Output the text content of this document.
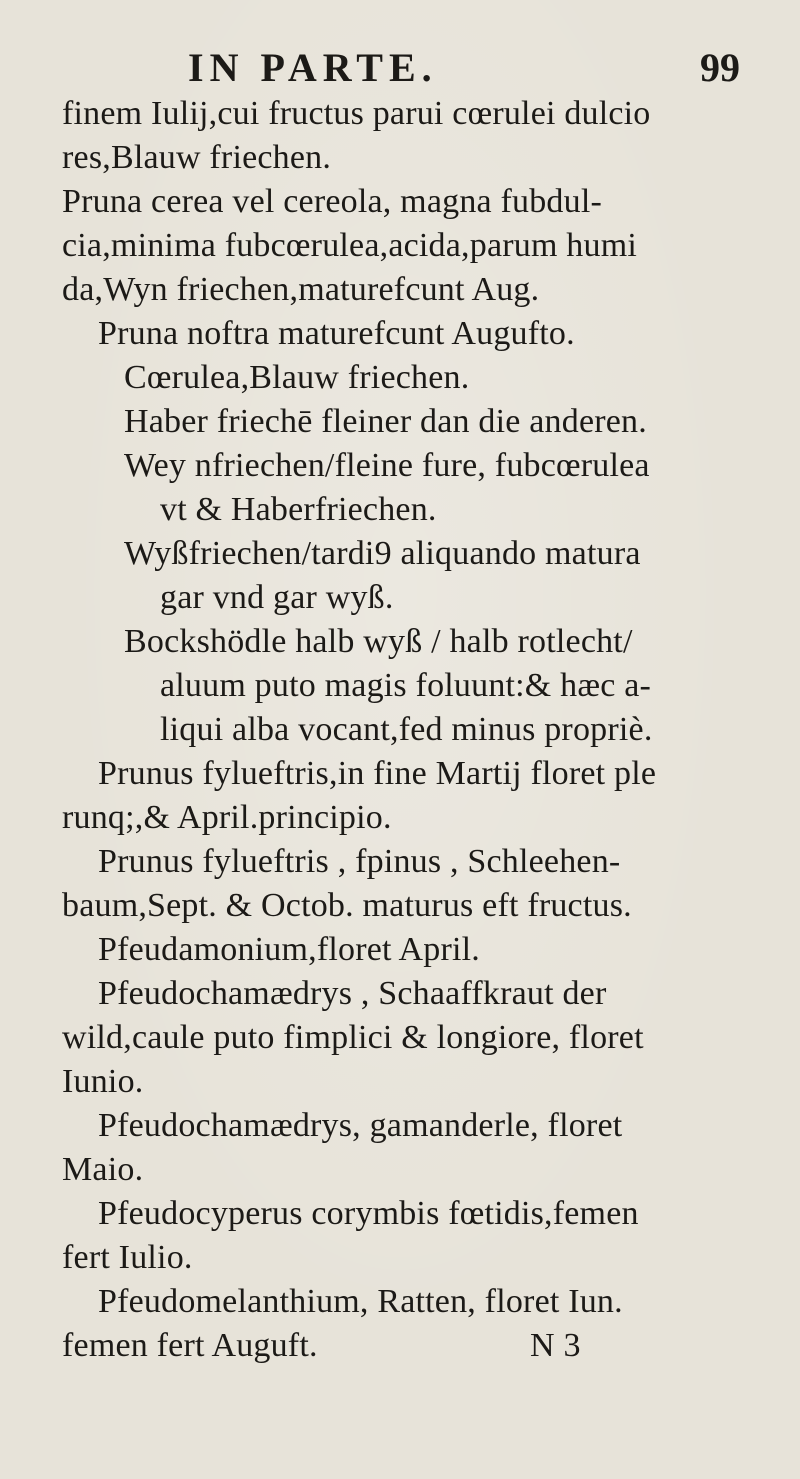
IN PARTE.	99
finem Iulij,cui fructus parui cœrulei dulcio
res,Blauw friechen.
Pruna cerea vel cereola, magna fubdul-
cia,minima fubcœrulea,acida,parum humi
da,Wyn friechen,maturefcunt Aug.
Pruna noftra maturefcunt Augufto.
Cœrulea,Blauw friechen.
Haber friechē fleiner dan die anderen.
Wey nfriechen/fleine fure, fubcœrulea
vt & Haberfriechen.
Wyßfriechen/tardi9 aliquando matura
gar vnd gar wyß.
Bockshödle halb wyß / halb rotlecht/
aluum puto magis foluunt:& hæc a-
liqui alba vocant,fed minus propriè.
Prunus fylueftris,in fine Martij floret ple
runq;,& April.principio.
Prunus fylueftris , fpinus , Schleehen-
baum,Sept. & Octob. maturus eft fructus.
Pfeudamonium,floret April.
Pfeudochamædrys , Schaaffkraut der
wild,caule puto fimplici & longiore, floret
Iunio.
Pfeudochamædrys, gamanderle, floret
Maio.
Pfeudocyperus corymbis fœtidis,femen
fert Iulio.
Pfeudomelanthium, Ratten, floret Iun.
femen fert Auguft.	N 3
